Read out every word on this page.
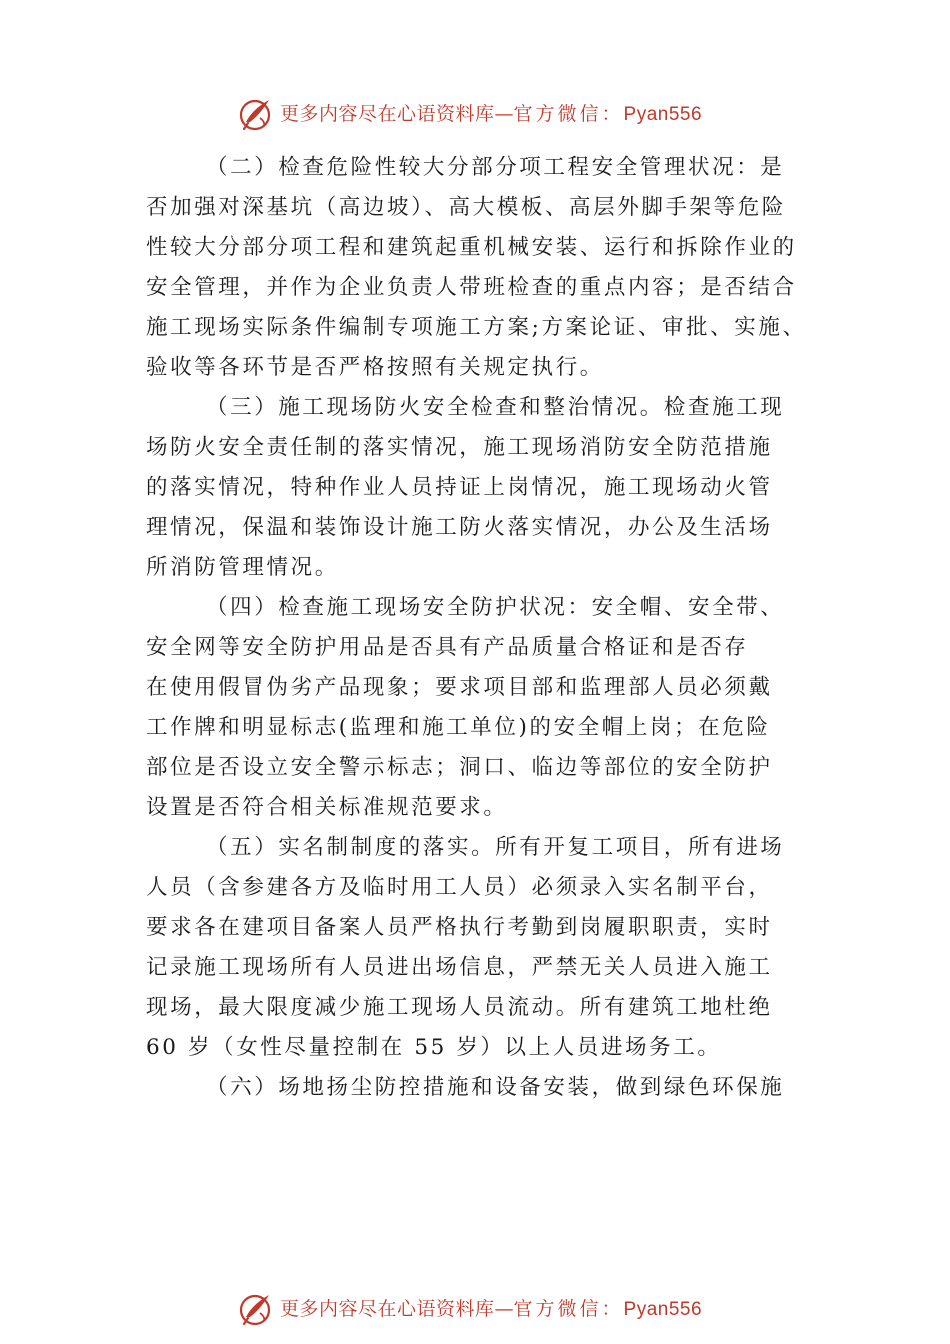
更多内容尽在心语资料库—官方微信：Pyan556
（二）检查危险性较大分部分项工程安全管理状况：是
否加强对深基坑（高边坡）、高大模板、高层外脚手架等危险
性较大分部分项工程和建筑起重机械安装、运行和拆除作业的
安全管理，并作为企业负责人带班检查的重点内容；是否结合
施工现场实际条件编制专项施工方案;方案论证、审批、实施、
验收等各环节是否严格按照有关规定执行。
（三）施工现场防火安全检查和整治情况。检查施工现
场防火安全责任制的落实情况，施工现场消防安全防范措施
的落实情况，特种作业人员持证上岗情况，施工现场动火管
理情况，保温和装饰设计施工防火落实情况，办公及生活场
所消防管理情况。
（四）检查施工现场安全防护状况：安全帽、安全带、
安全网等安全防护用品是否具有产品质量合格证和是否存
在使用假冒伪劣产品现象；要求项目部和监理部人员必须戴
工作牌和明显标志(监理和施工单位)的安全帽上岗；在危险
部位是否设立安全警示标志；洞口、临边等部位的安全防护
设置是否符合相关标准规范要求。
（五）实名制制度的落实。所有开复工项目，所有进场
人员（含参建各方及临时用工人员）必须录入实名制平台，
要求各在建项目备案人员严格执行考勤到岗履职职责，实时
记录施工现场所有人员进出场信息，严禁无关人员进入施工
现场，最大限度减少施工现场人员流动。所有建筑工地杜绝
60 岁（女性尽量控制在 55 岁）以上人员进场务工。
（六）场地扬尘防控措施和设备安装，做到绿色环保施
更多内容尽在心语资料库—官方微信：Pyan556
